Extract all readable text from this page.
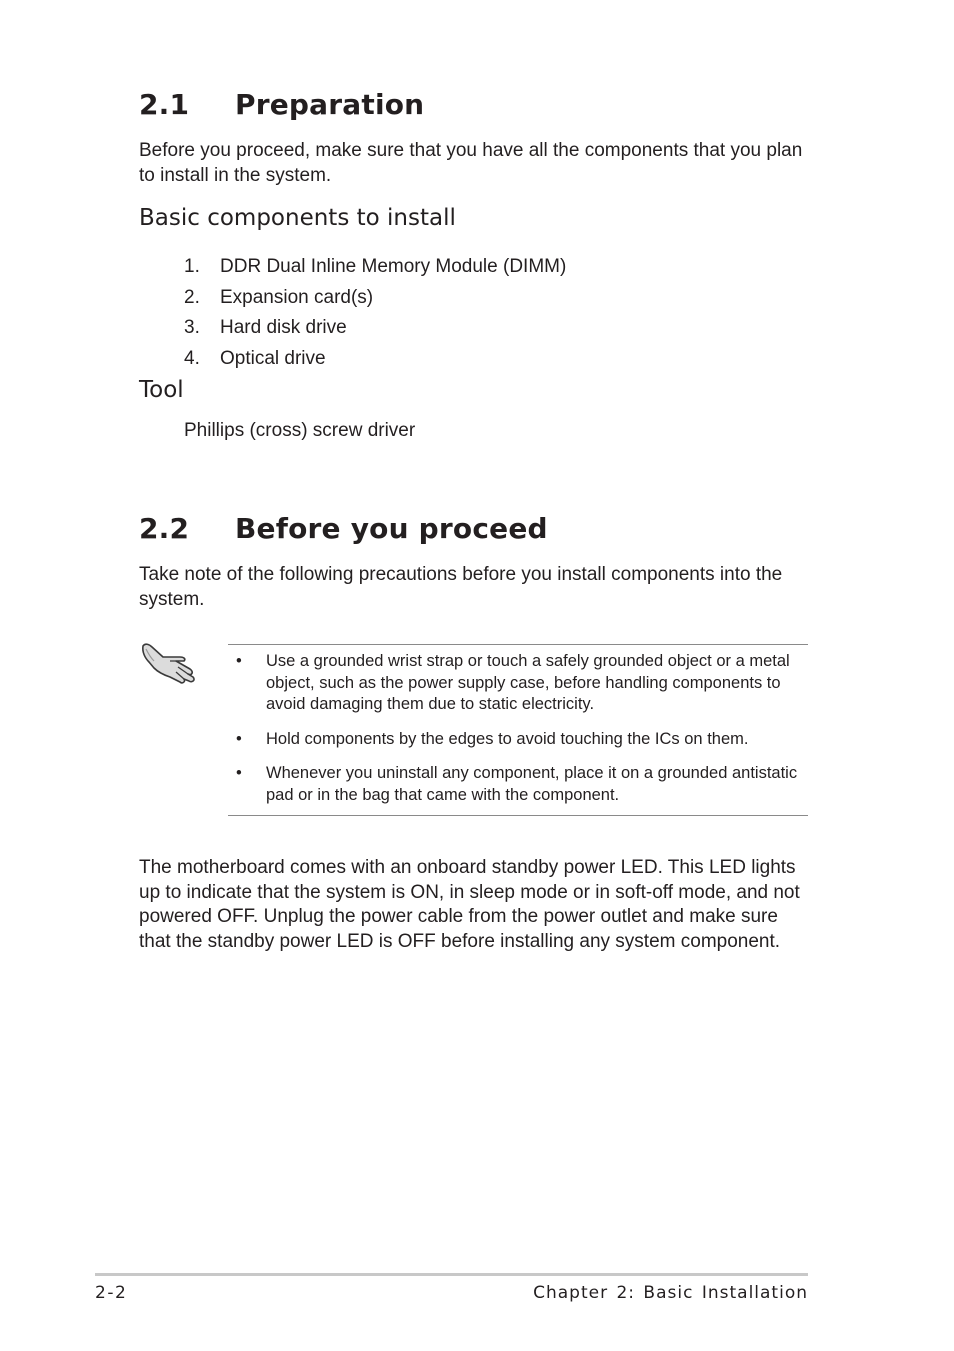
2.1 Preparation

Before you proceed, make sure that you have all the components that you plan to install in the system.

Basic components to install
1. DDR Dual Inline Memory Module (DIMM)
2. Expansion card(s)
3. Hard disk drive
4. Optical drive
Tool

Phillips (cross) screw driver

2.2 Before you proceed

Take note of the following precautions before you install components into the system.

• Use a grounded wrist strap or touch a safely grounded object or a metal object, such as the power supply case, before handling components to avoid damaging them due to static electricity.
• Hold components by the edges to avoid touching the ICs on them.
• Whenever you uninstall any component, place it on a grounded antistatic pad or in the bag that came with the component.

The motherboard comes with an onboard standby power LED. This LED lights up to indicate that the system is ON, in sleep mode or in soft-off mode, and not powered OFF. Unplug the power cable from the power outlet and make sure that the standby power LED is OFF before installing any system component.

2-2	Chapter 2: Basic Installation
